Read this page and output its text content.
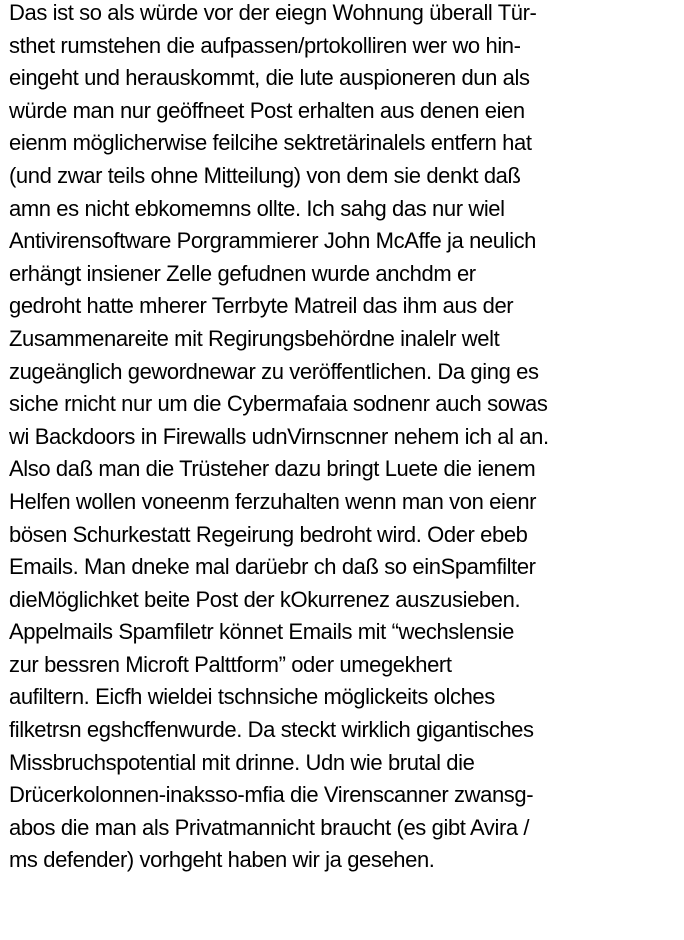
Das ist so als würde vor der eiegn Wohnung überall Tür-
sthet rumstehen die aufpassen/prtokolliren wer wo hin-
eingeht und herauskommt, die lute auspioneren dun als
würde man nur geöffneet Post erhalten aus denen eien
eienm möglicherwise feilcihe sektretärinalels entfern hat
(und zwar teils ohne Mitteilung) von dem sie denkt daß
amn es nicht ebkomemns ollte. Ich sahg das nur wiel
Antivirensoftware Porgrammierer John McAffe ja neulich
erhängt insiener Zelle gefudnen wurde anchdm er
gedroht hatte mherer Terrbyte Matreil das ihm aus der
Zusammenareite mit Regirungsbehördne inalelr welt
zugeänglich gewordnewar zu veröffentlichen. Da ging es
siche rnicht nur um die Cybermafaia sodnenr auch sowas
wi Backdoors in Firewalls udnVirnscnner nehem ich al an.
Also daß man die Trüsteher dazu bringt Luete die ienem
Helfen wollen voneenm ferzuhalten wenn man von eienr
bösen Schurkestatt Regeirung bedroht wird. Oder ebeb
Emails. Man dneke mal darüebr ch daß so einSpamfilter
dieMöglichket beite Post der kOkurrenez auszusieben.
Appelmails Spamfiletr könnet Emails mit “wechslensie
zur bessren Microft Palttform” oder umegekhert
aufiltern. Eicfh wieldei tschnsiche möglickeits olches
filketrsn egshcffenwurde. Da steckt wirklich gigantisches
Missbruchspotential mit drinne. Udn wie brutal die
Drücerkolonnen-inaksso-mfia die Virenscanner zwansg-
abos die man als Privatmannicht braucht (es gibt Avira /
ms defender) vorhgeht haben wir ja gesehen.
